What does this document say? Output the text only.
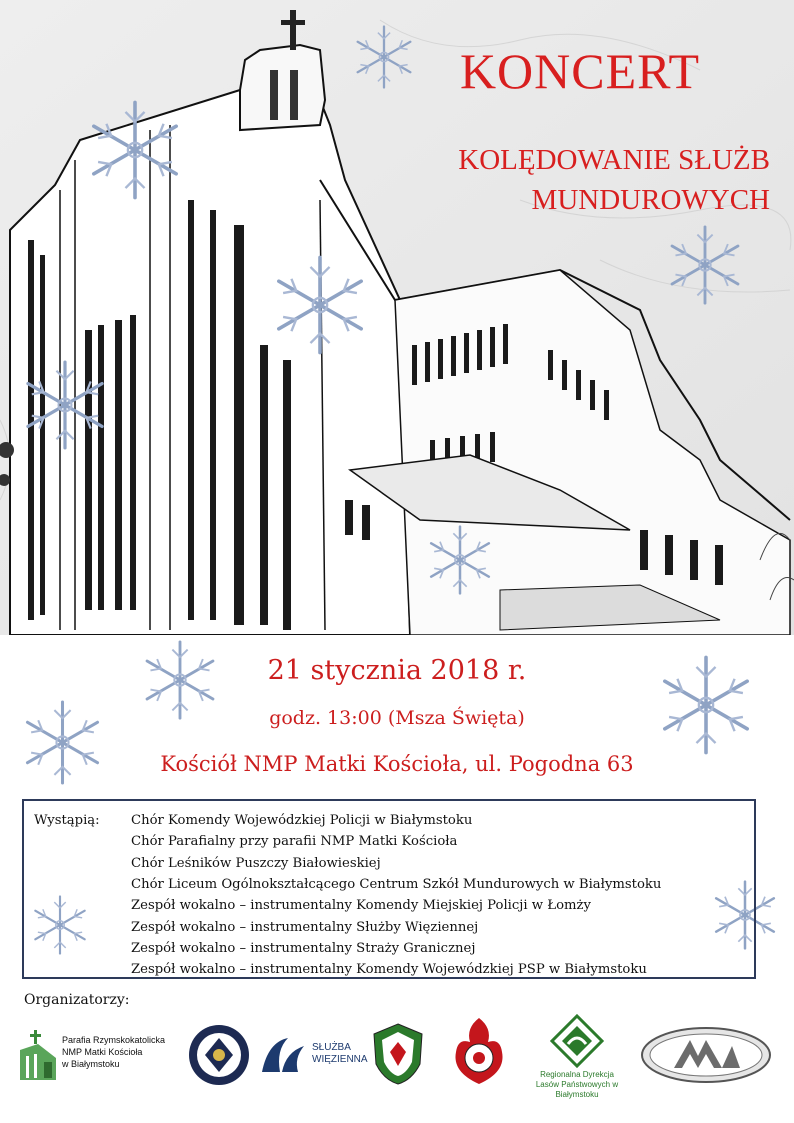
KONCERT
KOLĘDOWANIE SŁUŻB
MUNDUROWYCH
21 stycznia 2018 r.
godz. 13:00 (Msza Święta)
Kościół NMP Matki Kościoła, ul. Pogodna 63
Wystąpią:	Chór Komendy Wojewódzkiej Policji w Białymstoku
Chór Parafialny przy parafii NMP Matki Kościoła
Chór Leśników Puszczy Białowieskiej
Chór Liceum Ogólnokształcącego Centrum Szkół Mundurowych w Białymstoku
Zespół wokalno – instrumentalny Komendy Miejskiej Policji w Łomży
Zespół wokalno – instrumentalny Służby Więziennej
Zespół wokalno – instrumentalny Straży Granicznej
Zespół wokalno – instrumentalny Komendy Wojewódzkiej PSP w Białymstoku
Organizatorzy:
Parafia Rzymskokatolicka
NMP Matki Kościoła
w Białymstoku
SŁUŻBA
WIĘZIENNA
Regionalna Dyrekcja
Lasów Państwowych w Białymstoku
